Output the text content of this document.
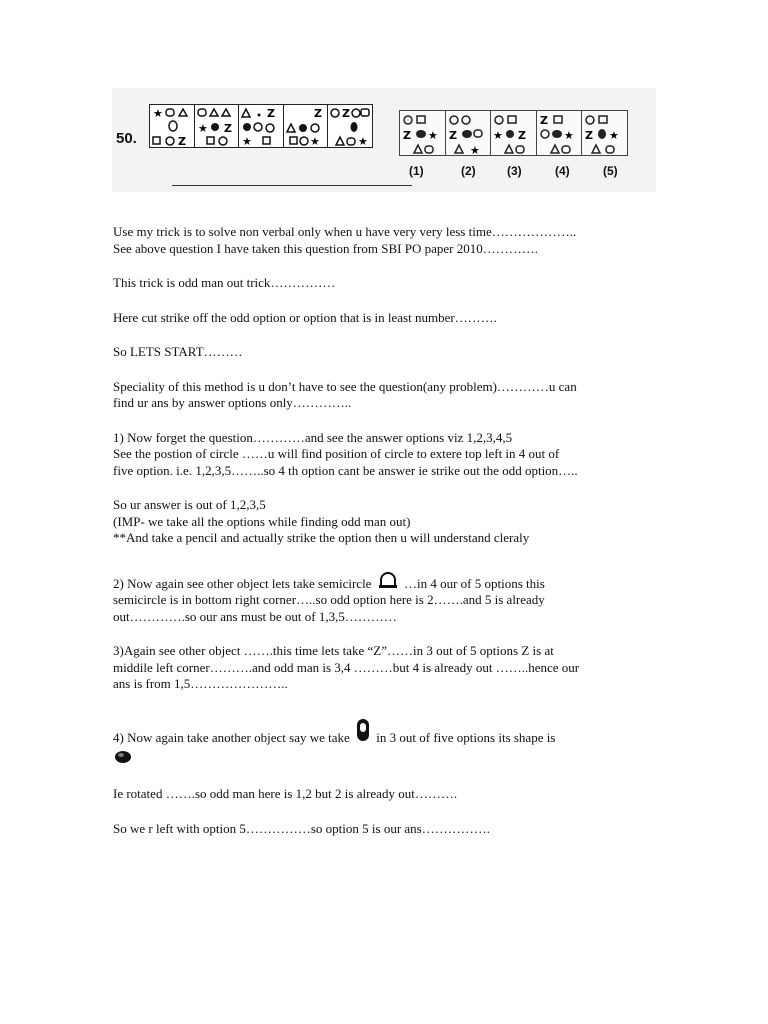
50.
★
Z
★ Z
Z
★
Z
★
Z
★	Z ★ Z
★
★ Z
Z
★ Z ★
(1)	(2)	(3)	(4)	(5)

Use my trick is to solve non verbal only when u have very very less time………………..

See above question I have taken this question from SBI PO paper 2010………….

This trick is odd man out trick……………

Here cut strike off the odd option or option that is in least number……….

So LETS START………

Speciality of this method is u don’t have to see the question(any problem)…………u can

find ur ans by answer options only…………..

1) Now forget the question…………and see the answer options viz 1,2,3,4,5

See the postion of circle ……u will find position of circle to extere top left in 4 out of

five option. i.e. 1,2,3,5……..so 4 th option cant be answer ie strike out the odd option…..

So ur answer is out of 1,2,3,5

(IMP- we take all the options while finding odd man out)

**And take a pencil and actually strike the option then u will understand cleraly

2) Now again see other object lets take semicircle	…in 4 our of 5 options this

semicircle is in bottom right corner…..so odd option here is 2…….and 5 is already

out………….so our ans must be out of 1,3,5…………

3)Again see other object …….this time lets take “Z”……in 3 out of 5 options Z is at

middile left corner……….and odd man is 3,4 ………but 4 is already out ……..hence our

ans is from 1,5…………………..

4) Now again take another object say we take  in 3 out of five options its shape is

Ie rotated …….so odd man here is 1,2 but 2 is already out……….

So we r left with option 5……………so option 5 is our ans…………….
